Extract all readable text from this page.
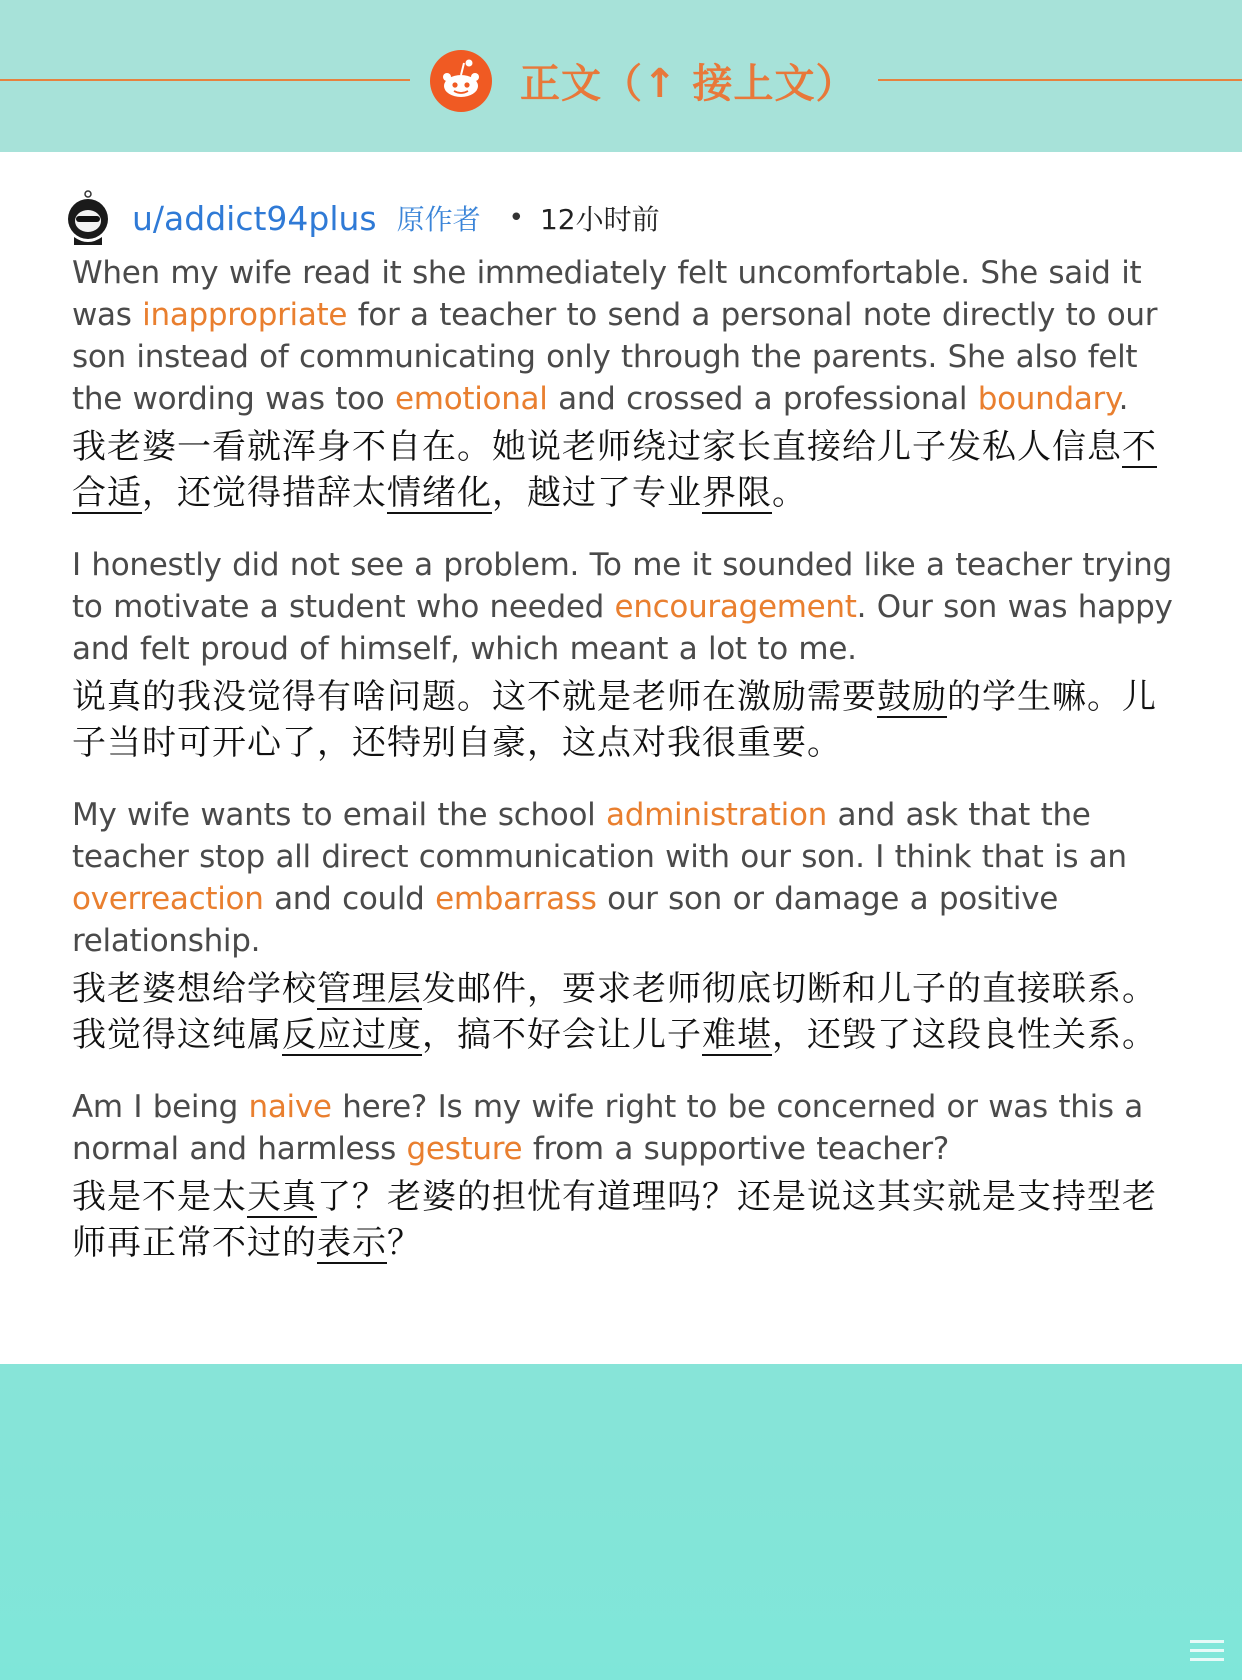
正文（↑ 接上文）
u/addict94plus 原作者 • 12小时前

When my wife read it she immediately felt uncomfortable. She said it was inappropriate for a teacher to send a personal note directly to our son instead of communicating only through the parents. She also felt the wording was too emotional and crossed a professional boundary.

我老婆一看就浑身不自在。她说老师绕过家长直接给儿子发私人信息不合适，还觉得措辞太情绪化，越过了专业界限。

I honestly did not see a problem. To me it sounded like a teacher trying to motivate a student who needed encouragement. Our son was happy and felt proud of himself, which meant a lot to me.

说真的我没觉得有啥问题。这不就是老师在激励需要鼓励的学生嘛。儿子当时可开心了，还特别自豪，这点对我很重要。

My wife wants to email the school administration and ask that the teacher stop all direct communication with our son. I think that is an overreaction and could embarrass our son or damage a positive relationship.

我老婆想给学校管理层发邮件，要求老师彻底切断和儿子的直接联系。我觉得这纯属反应过度，搞不好会让儿子难堪，还毁了这段良性关系。

Am I being naive here? Is my wife right to be concerned or was this a normal and harmless gesture from a supportive teacher?

我是不是太天真了？老婆的担忧有道理吗？还是说这其实就是支持型老师再正常不过的表示？
